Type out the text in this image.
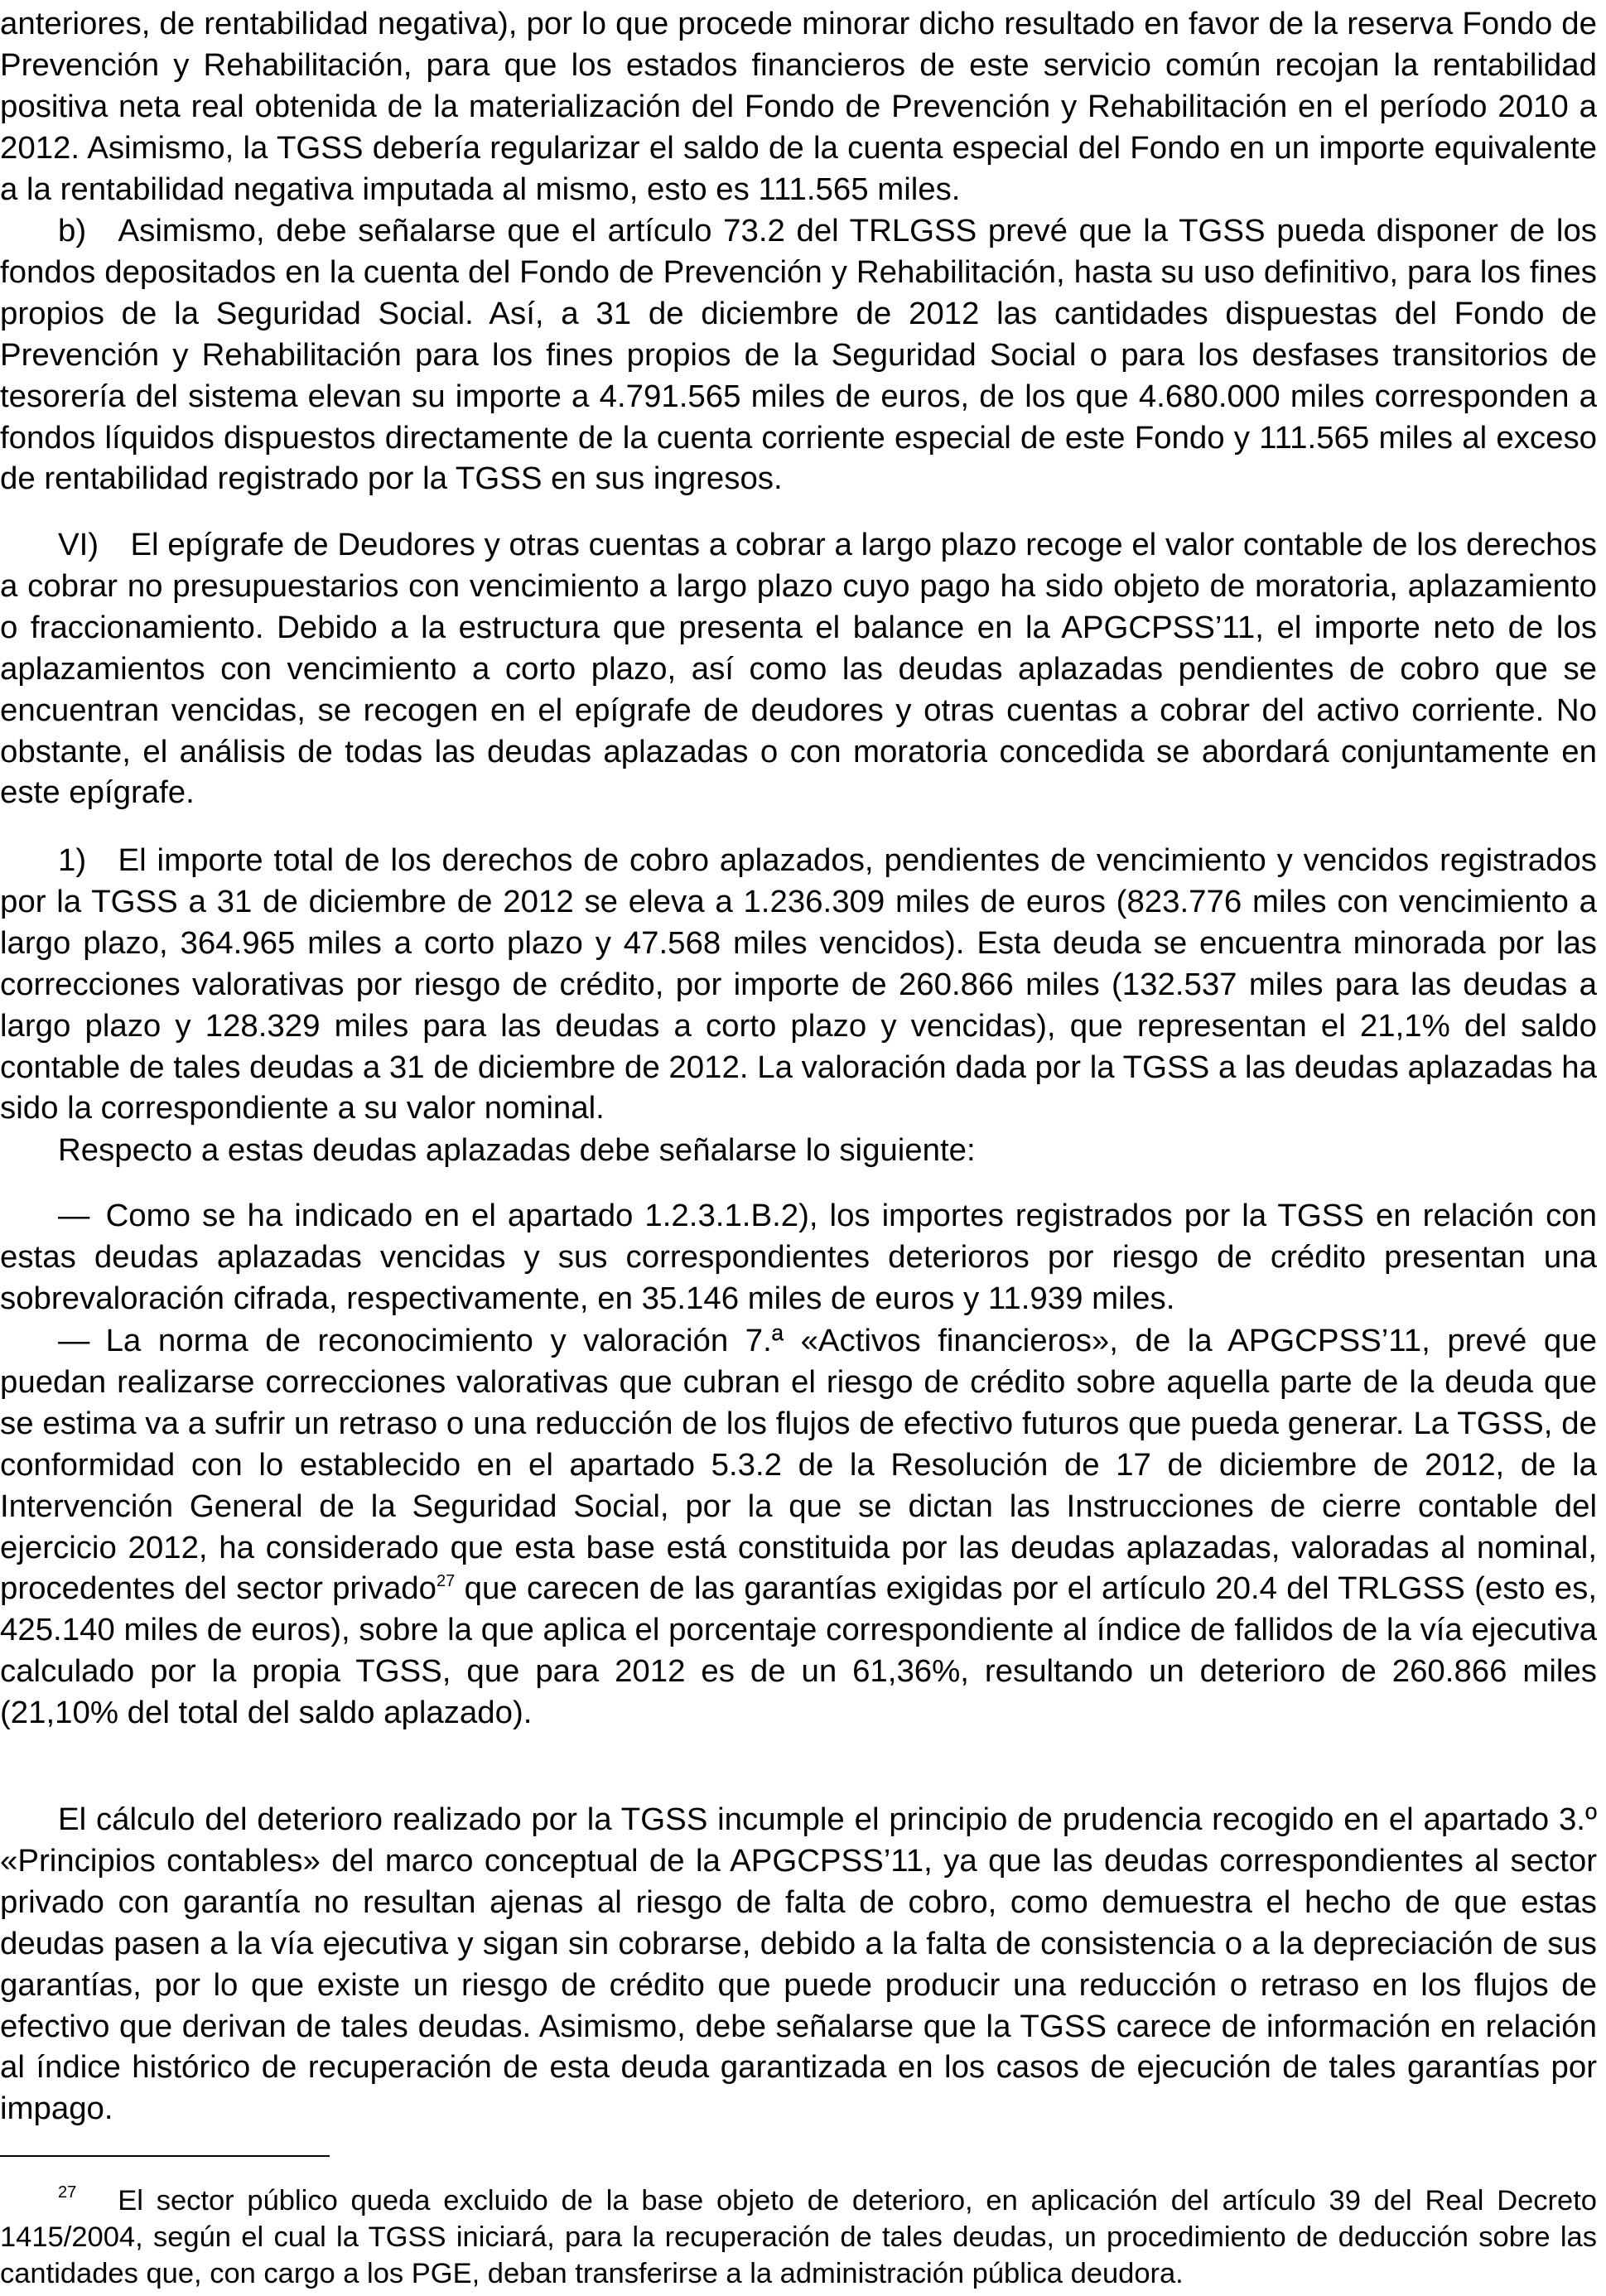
anteriores, de rentabilidad negativa), por lo que procede minorar dicho resultado en favor de la reserva Fondo de Prevención y Rehabilitación, para que los estados financieros de este servicio común recojan la rentabilidad positiva neta real obtenida de la materialización del Fondo de Prevención y Rehabilitación en el período 2010 a 2012. Asimismo, la TGSS debería regularizar el saldo de la cuenta especial del Fondo en un importe equivalente a la rentabilidad negativa imputada al mismo, esto es 111.565 miles.

b) Asimismo, debe señalarse que el artículo 73.2 del TRLGSS prevé que la TGSS pueda disponer de los fondos depositados en la cuenta del Fondo de Prevención y Rehabilitación, hasta su uso definitivo, para los fines propios de la Seguridad Social. Así, a 31 de diciembre de 2012 las cantidades dispuestas del Fondo de Prevención y Rehabilitación para los fines propios de la Seguridad Social o para los desfases transitorios de tesorería del sistema elevan su importe a 4.791.565 miles de euros, de los que 4.680.000 miles corresponden a fondos líquidos dispuestos directamente de la cuenta corriente especial de este Fondo y 111.565 miles al exceso de rentabilidad registrado por la TGSS en sus ingresos.

VI) El epígrafe de Deudores y otras cuentas a cobrar a largo plazo recoge el valor contable de los derechos a cobrar no presupuestarios con vencimiento a largo plazo cuyo pago ha sido objeto de moratoria, aplazamiento o fraccionamiento. Debido a la estructura que presenta el balance en la APGCPSS’11, el importe neto de los aplazamientos con vencimiento a corto plazo, así como las deudas aplazadas pendientes de cobro que se encuentran vencidas, se recogen en el epígrafe de deudores y otras cuentas a cobrar del activo corriente. No obstante, el análisis de todas las deudas aplazadas o con moratoria concedida se abordará conjuntamente en este epígrafe.

1) El importe total de los derechos de cobro aplazados, pendientes de vencimiento y vencidos registrados por la TGSS a 31 de diciembre de 2012 se eleva a 1.236.309 miles de euros (823.776 miles con vencimiento a largo plazo, 364.965 miles a corto plazo y 47.568 miles vencidos). Esta deuda se encuentra minorada por las correcciones valorativas por riesgo de crédito, por importe de 260.866 miles (132.537 miles para las deudas a largo plazo y 128.329 miles para las deudas a corto plazo y vencidas), que representan el 21,1% del saldo contable de tales deudas a 31 de diciembre de 2012. La valoración dada por la TGSS a las deudas aplazadas ha sido la correspondiente a su valor nominal.

Respecto a estas deudas aplazadas debe señalarse lo siguiente:

— Como se ha indicado en el apartado 1.2.3.1.B.2), los importes registrados por la TGSS en relación con estas deudas aplazadas vencidas y sus correspondientes deterioros por riesgo de crédito presentan una sobrevaloración cifrada, respectivamente, en 35.146 miles de euros y 11.939 miles.

— La norma de reconocimiento y valoración 7.ª «Activos financieros», de la APGCPSS’11, prevé que puedan realizarse correcciones valorativas que cubran el riesgo de crédito sobre aquella parte de la deuda que se estima va a sufrir un retraso o una reducción de los flujos de efectivo futuros que pueda generar. La TGSS, de conformidad con lo establecido en el apartado 5.3.2 de la Resolución de 17 de diciembre de 2012, de la Intervención General de la Seguridad Social, por la que se dictan las Instrucciones de cierre contable del ejercicio 2012, ha considerado que esta base está constituida por las deudas aplazadas, valoradas al nominal, procedentes del sector privado$^{27}$ que carecen de las garantías exigidas por el artículo 20.4 del TRLGSS (esto es, 425.140 miles de euros), sobre la que aplica el porcentaje correspondiente al índice de fallidos de la vía ejecutiva calculado por la propia TGSS, que para 2012 es de un 61,36%, resultando un deterioro de 260.866 miles (21,10% del total del saldo aplazado).

El cálculo del deterioro realizado por la TGSS incumple el principio de prudencia recogido en el apartado 3.º «Principios contables» del marco conceptual de la APGCPSS’11, ya que las deudas correspondientes al sector privado con garantía no resultan ajenas al riesgo de falta de cobro, como demuestra el hecho de que estas deudas pasen a la vía ejecutiva y sigan sin cobrarse, debido a la falta de consistencia o a la depreciación de sus garantías, por lo que existe un riesgo de crédito que puede producir una reducción o retraso en los flujos de efectivo que derivan de tales deudas. Asimismo, debe señalarse que la TGSS carece de información en relación al índice histórico de recuperación de esta deuda garantizada en los casos de ejecución de tales garantías por impago.

27 El sector público queda excluido de la base objeto de deterioro, en aplicación del artículo 39 del Real Decreto 1415/2004, según el cual la TGSS iniciará, para la recuperación de tales deudas, un procedimiento de deducción sobre las cantidades que, con cargo a los PGE, deban transferirse a la administración pública deudora.
